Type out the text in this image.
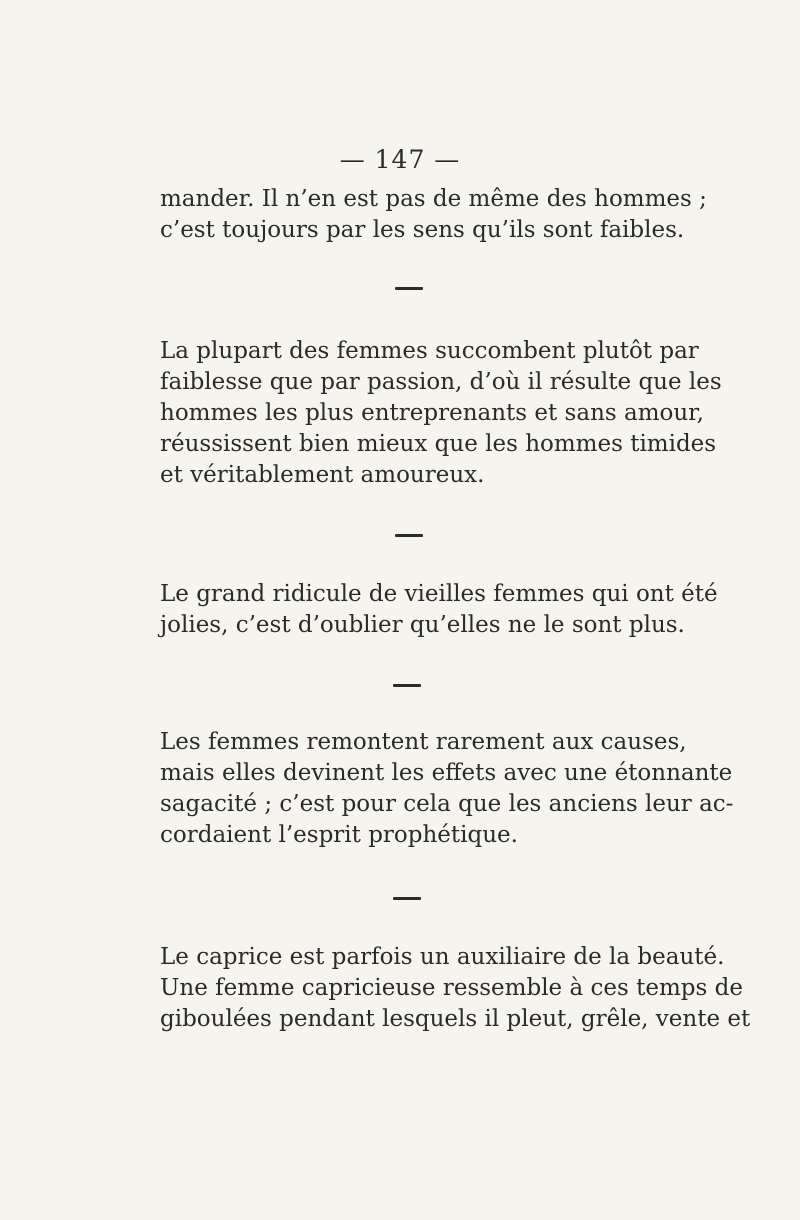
— 147 —
mander. Il n’en est pas de même des hommes ;
c’est toujours par les sens qu’ils sont faibles.
La plupart des femmes succombent plutôt par
faiblesse que par passion, d’où il résulte que les
hommes les plus entreprenants et sans amour,
réussissent bien mieux que les hommes timides
et véritablement amoureux.
Le grand ridicule de vieilles femmes qui ont été
jolies, c’est d’oublier qu’elles ne le sont plus.
Les femmes remontent rarement aux causes,
mais elles devinent les effets avec une étonnante
sagacité ; c’est pour cela que les anciens leur ac-
cordaient l’esprit prophétique.
Le caprice est parfois un auxiliaire de la beauté.
Une femme capricieuse ressemble à ces temps de
giboulées pendant lesquels il pleut, grêle, vente et
